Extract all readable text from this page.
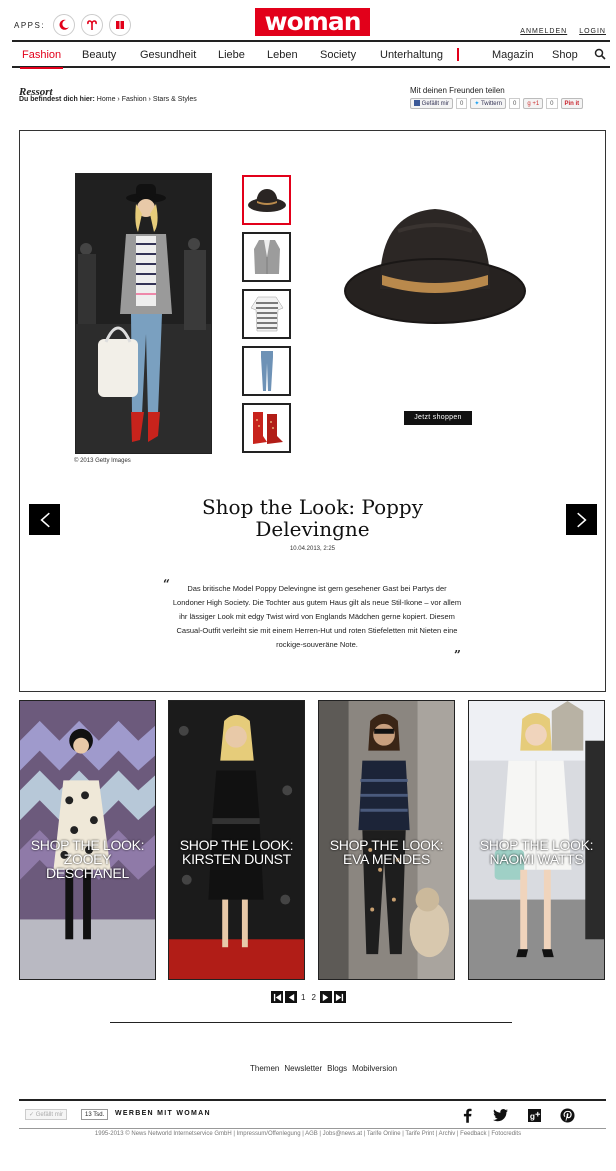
APPS:	woman	ANMELDEN LOGIN
Fashion Beauty Gesundheit Liebe Leben Society Unterhaltung	Magazin Shop
Ressort
Du befindest dich hier: Home › Fashion › Stars & Styles
Mit deinen Freunden teilen
Gefällt mir	0	✦ Twittern	0	g +1	0	Pin it
© 2013 Getty Images
Jetzt shoppen
Shop the Look: Poppy Delevingne
10.04.2013, 2:25
“	Das britische Model Poppy Delevingne ist gern gesehener Gast bei Partys der Londoner High Society. Die Tochter aus gutem Haus gilt als neue Stil-Ikone – vor allem ihr lässiger Look mit edgy Twist wird von Englands Mädchen gerne kopiert. Diesem Casual-Outfit verleiht sie mit einem Herren-Hut und roten Stiefeletten mit Nieten eine rockige-souveräne Note.
”
SHOP THE LOOK: ZOOEY DESCHANEL
SHOP THE LOOK: KIRSTEN DUNST
SHOP THE LOOK: EVA MENDES
SHOP THE LOOK: NAOMI WATTS
1 2
Themen Newsletter Blogs Mobilversion
✓ Gefällt mir	13 Tsd.	WERBEN MIT WOMAN	g
1995-2013 © News Networld Internetservice GmbH | Impressum/Offenlegung | AGB | Jobs@news.at | Tarife Online | Tarife Print | Archiv | Feedback | Fotocredits
